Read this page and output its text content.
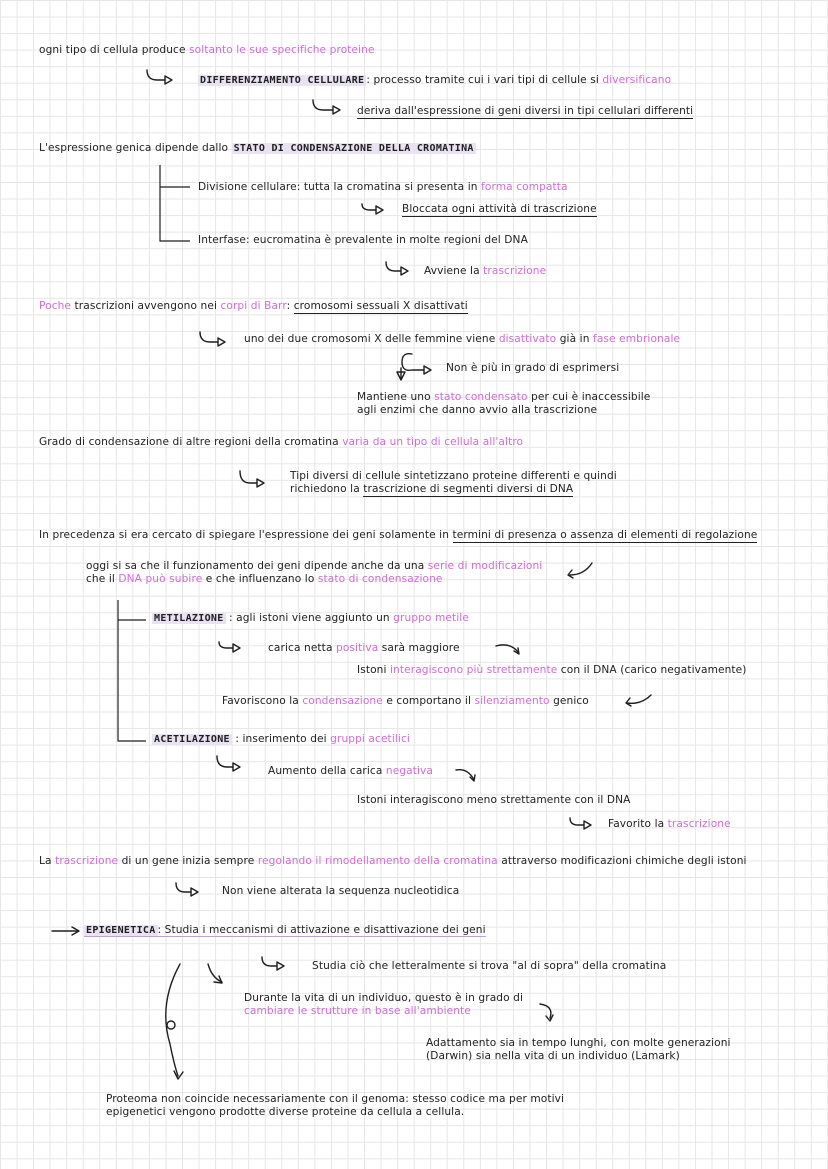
ogni tipo di cellula produce soltanto le sue specifiche proteine
DIFFERENZIAMENTO CELLULARE : processo tramite cui i vari tipi di cellule si diversificano
deriva dall'espressione di geni diversi in tipi cellulari differenti
L'espressione genica dipende dallo STATO DI CONDENSAZIONE DELLA CROMATINA
Divisione cellulare: tutta la cromatina si presenta in forma compatta
Bloccata ogni attività di trascrizione
Interfase: eucromatina è prevalente in molte regioni del DNA
Avviene la trascrizione
Poche trascrizioni avvengono nei corpi di Barr: cromosomi sessuali X disattivati
uno dei due cromosomi X delle femmine viene disattivato già in fase embrionale
Non è più in grado di esprimersi
Mantiene uno stato condensato per cui è inaccessibile
agli enzimi che danno avvio alla trascrizione
Grado di condensazione di altre regioni della cromatina varia da un tipo di cellula all'altro
Tipi diversi di cellule sintetizzano proteine differenti e quindi
richiedono la trascrizione di segmenti diversi di DNA
In precedenza si era cercato di spiegare l'espressione dei geni solamente in termini di presenza o assenza di elementi di regolazione
oggi si sa che il funzionamento dei geni dipende anche da una serie di modificazioni
che il DNA può subire e che influenzano lo stato di condensazione
METILAZIONE : agli istoni viene aggiunto un gruppo metile
carica netta positiva sarà maggiore
Istoni interagiscono più strettamente con il DNA (carico negativamente)
Favoriscono la condensazione e comportano il silenziamento genico
ACETILAZIONE : inserimento dei gruppi acetilici
Aumento della carica negativa
Istoni interagiscono meno strettamente con il DNA
Favorito la trascrizione
La trascrizione di un gene inizia sempre regolando il rimodellamento della cromatina attraverso modificazioni chimiche degli istoni
Non viene alterata la sequenza nucleotidica
EPIGENETICA : Studia i meccanismi di attivazione e disattivazione dei geni
Studia ciò che letteralmente si trova "al di sopra" della cromatina
Durante la vita di un individuo, questo è in grado di
cambiare le strutture in base all'ambiente
Adattamento sia in tempo lunghi, con molte generazioni
(Darwin) sia nella vita di un individuo (Lamark)
Proteoma non coincide necessariamente con il genoma: stesso codice ma per motivi
epigenetici vengono prodotte diverse proteine da cellula a cellula.
